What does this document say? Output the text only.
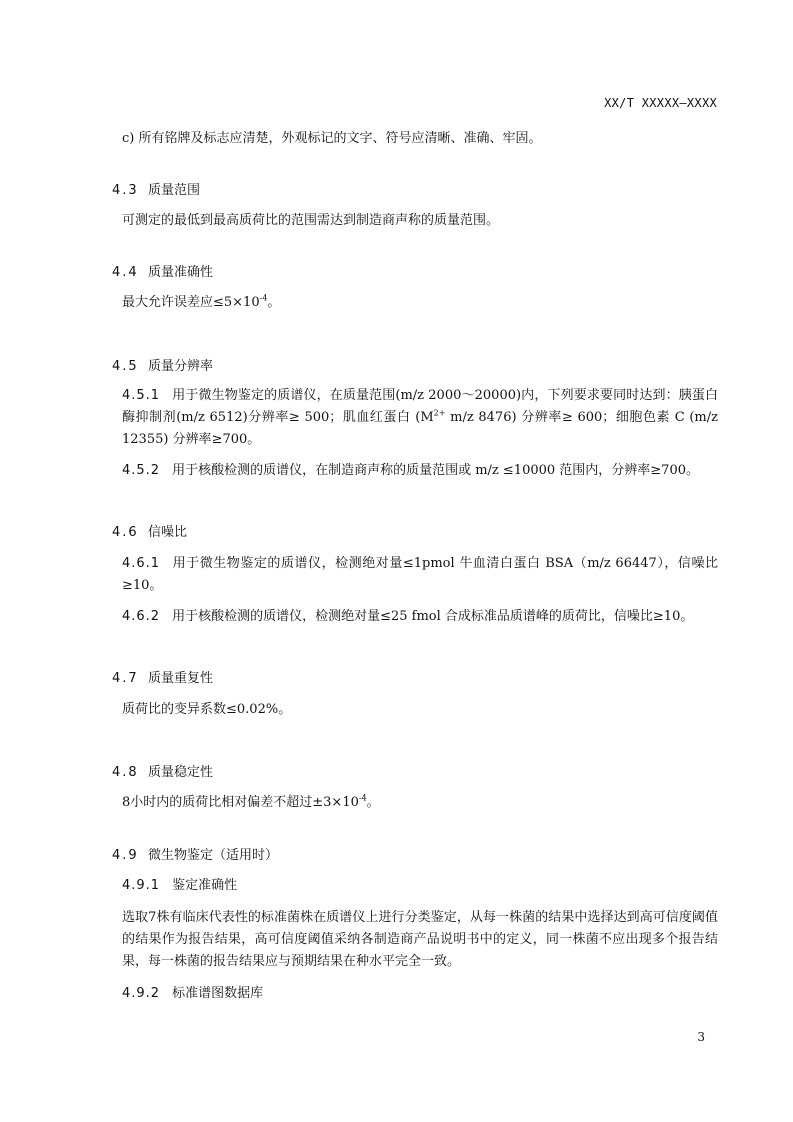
XX/T XXXXX—XXXX
c) 所有铭牌及标志应清楚，外观标记的文字、符号应清晰、准确、牢固。
4.3 质量范围
可测定的最低到最高质荷比的范围需达到制造商声称的质量范围。
4.4 质量准确性
最大允许误差应$\le 5\times 10^{-4}$。
4.5 质量分辨率
4.5.1 用于微生物鉴定的质谱仪，在质量范围(m/z 2000～20000)内，下列要求要同时达到：胰蛋白酶抑制剂(m/z 6512)分辨率≥ 500；肌血红蛋白 ($M^{2+}$ m/z 8476) 分辨率≥ 600；细胞色素 C (m/z 12355) 分辨率≥700。
4.5.2 用于核酸检测的质谱仪，在制造商声称的质量范围或 m/z ≤10000 范围内，分辨率≥700。
4.6 信噪比
4.6.1 用于微生物鉴定的质谱仪，检测绝对量≤1pmol 牛血清白蛋白 BSA（m/z 66447），信噪比≥10。
4.6.2 用于核酸检测的质谱仪，检测绝对量≤25 fmol 合成标准品质谱峰的质荷比，信噪比≥10。
4.7 质量重复性
质荷比的变异系数≤0.02%。
4.8 质量稳定性
8小时内的质荷比相对偏差不超过$\pm 3\times 10^{-4}$。
4.9 微生物鉴定（适用时）
4.9.1 鉴定准确性
选取7株有临床代表性的标准菌株在质谱仪上进行分类鉴定，从每一株菌的结果中选择达到高可信度阈值的结果作为报告结果，高可信度阈值采纳各制造商产品说明书中的定义，同一株菌不应出现多个报告结果，每一株菌的报告结果应与预期结果在种水平完全一致。
4.9.2 标准谱图数据库
3
